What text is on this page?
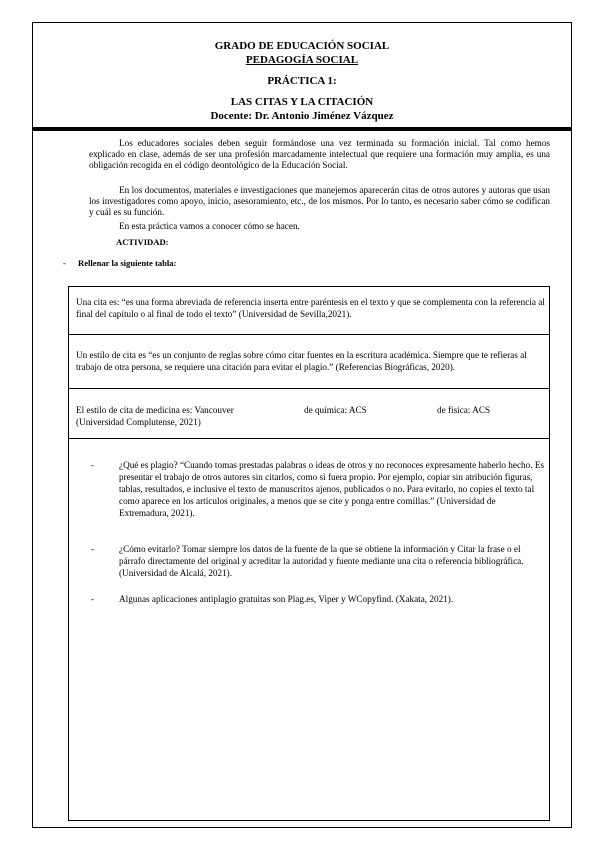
GRADO DE EDUCACIÓN SOCIAL
PEDAGOGÍA SOCIAL
PRÁCTICA 1:
LAS CITAS Y LA CITACIÓN
Docente: Dr. Antonio Jiménez Vázquez
Los educadores sociales deben seguir formándose una vez terminada su formación inicial. Tal como hemos explicado en clase, además de ser una profesión marcadamente intelectual que requiere una formación muy amplia, es una obligación recogida en el código deontológico de la Educación Social.
En los documentos, materiales e investigaciones que manejemos aparecerán citas de otros autores y autoras que usan los investigadores como apoyo, inicio, asesoramiento, etc., de los mismos. Por lo tanto, es necesario saber cómo se codifican y cuál es su función.
En esta práctica vamos a conocer cómo se hacen.
ACTIVIDAD:
- Rellenar la siguiente tabla:
Una cita es: “es una forma abreviada de referencia inserta entre paréntesis en el texto y que se complementa con la referencia al final del capítulo o al final de todo el texto” (Universidad de Sevilla,2021).
Un estilo de cita es “es un conjunto de reglas sobre cómo citar fuentes en la escritura académica. Siempre que te refieras al trabajo de otra persona, se requiere una citación para evitar el plagio.” (Referencias Biográficas, 2020).
El estilo de cita de medicina es: Vancouver	de química: ACS	de física: ACS
(Universidad Complutense, 2021)
-	¿Qué es plagio? “Cuando tomas prestadas palabras o ideas de otros y no reconoces expresamente haberlo hecho. Es presentar el trabajo de otros autores sin citarlos, como si fuera propio. Por ejemplo, copiar sin atribución figuras, tablas, resultados, e inclusive el texto de manuscritos ajenos, publicados o no. Para evitarlo, no copies el texto tal como aparece en los artículos originales, a menos que se cite y ponga entre comillas.” (Universidad de Extremadura, 2021).
-	¿Cómo evitarlo? Tomar siempre los datos de la fuente de la que se obtiene la información y Citar la frase o el párrafo directamente del original y acreditar la autoridad y fuente mediante una cita o referencia bibliográfica. (Universidad de Alcalá, 2021).
-	Algunas aplicaciones antiplagio gratuitas son Plag.es, Viper y WCopyfind. (Xakata, 2021).
